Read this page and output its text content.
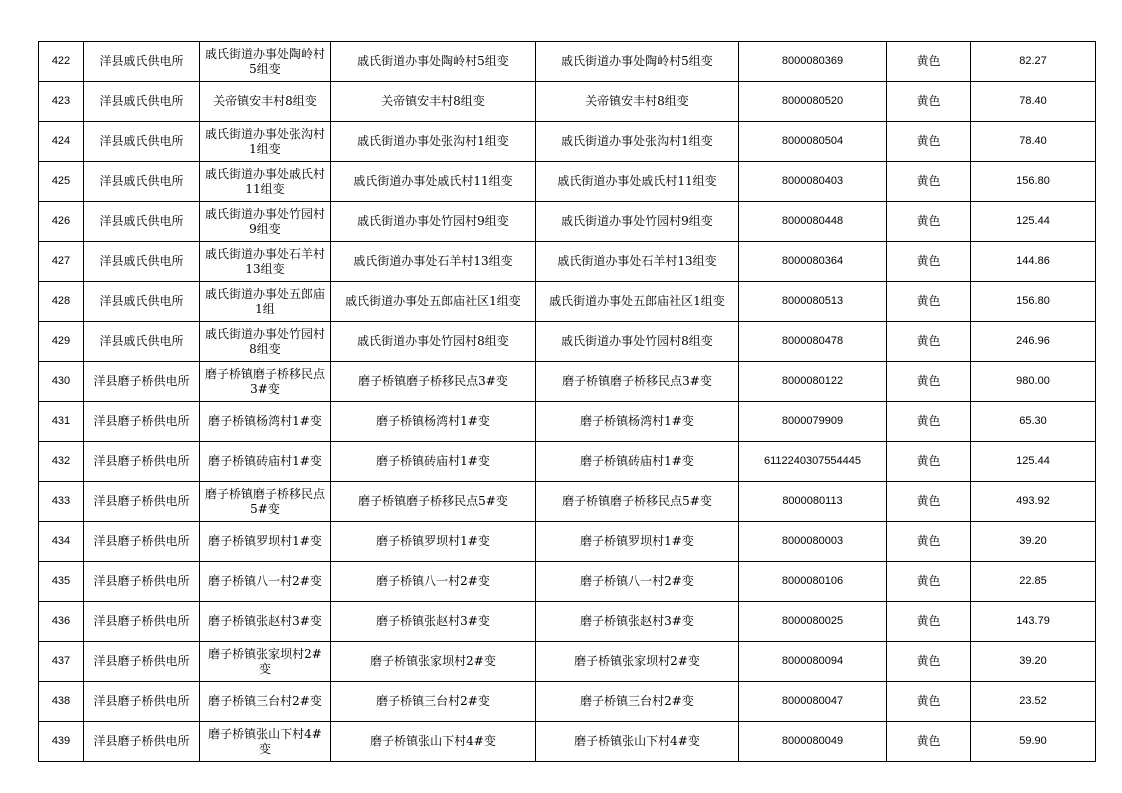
422	洋县戚氏供电所	戚氏街道办事处陶岭村5组变	戚氏街道办事处陶岭村5组变	戚氏街道办事处陶岭村5组变	8000080369	黄色	82.27
423	洋县戚氏供电所	关帝镇安丰村8组变	关帝镇安丰村8组变	关帝镇安丰村8组变	8000080520	黄色	78.40
424	洋县戚氏供电所	戚氏街道办事处张沟村1组变	戚氏街道办事处张沟村1组变	戚氏街道办事处张沟村1组变	8000080504	黄色	78.40
425	洋县戚氏供电所	戚氏街道办事处戚氏村11组变	戚氏街道办事处戚氏村11组变	戚氏街道办事处戚氏村11组变	8000080403	黄色	156.80
426	洋县戚氏供电所	戚氏街道办事处竹园村9组变	戚氏街道办事处竹园村9组变	戚氏街道办事处竹园村9组变	8000080448	黄色	125.44
427	洋县戚氏供电所	戚氏街道办事处石羊村13组变	戚氏街道办事处石羊村13组变	戚氏街道办事处石羊村13组变	8000080364	黄色	144.86
428	洋县戚氏供电所	戚氏街道办事处五郎庙1组	戚氏街道办事处五郎庙社区1组变	戚氏街道办事处五郎庙社区1组变	8000080513	黄色	156.80
429	洋县戚氏供电所	戚氏街道办事处竹园村8组变	戚氏街道办事处竹园村8组变	戚氏街道办事处竹园村8组变	8000080478	黄色	246.96
430	洋县磨子桥供电所	磨子桥镇磨子桥移民点3#变	磨子桥镇磨子桥移民点3#变	磨子桥镇磨子桥移民点3#变	8000080122	黄色	980.00
431	洋县磨子桥供电所	磨子桥镇杨湾村1#变	磨子桥镇杨湾村1#变	磨子桥镇杨湾村1#变	8000079909	黄色	65.30
432	洋县磨子桥供电所	磨子桥镇砖庙村1#变	磨子桥镇砖庙村1#变	磨子桥镇砖庙村1#变	6112240307554445	黄色	125.44
433	洋县磨子桥供电所	磨子桥镇磨子桥移民点5#变	磨子桥镇磨子桥移民点5#变	磨子桥镇磨子桥移民点5#变	8000080113	黄色	493.92
434	洋县磨子桥供电所	磨子桥镇罗坝村1#变	磨子桥镇罗坝村1#变	磨子桥镇罗坝村1#变	8000080003	黄色	39.20
435	洋县磨子桥供电所	磨子桥镇八一村2#变	磨子桥镇八一村2#变	磨子桥镇八一村2#变	8000080106	黄色	22.85
436	洋县磨子桥供电所	磨子桥镇张赵村3#变	磨子桥镇张赵村3#变	磨子桥镇张赵村3#变	8000080025	黄色	143.79
437	洋县磨子桥供电所	磨子桥镇张家坝村2#变	磨子桥镇张家坝村2#变	磨子桥镇张家坝村2#变	8000080094	黄色	39.20
438	洋县磨子桥供电所	磨子桥镇三台村2#变	磨子桥镇三台村2#变	磨子桥镇三台村2#变	8000080047	黄色	23.52
439	洋县磨子桥供电所	磨子桥镇张山下村4#变	磨子桥镇张山下村4#变	磨子桥镇张山下村4#变	8000080049	黄色	59.90
